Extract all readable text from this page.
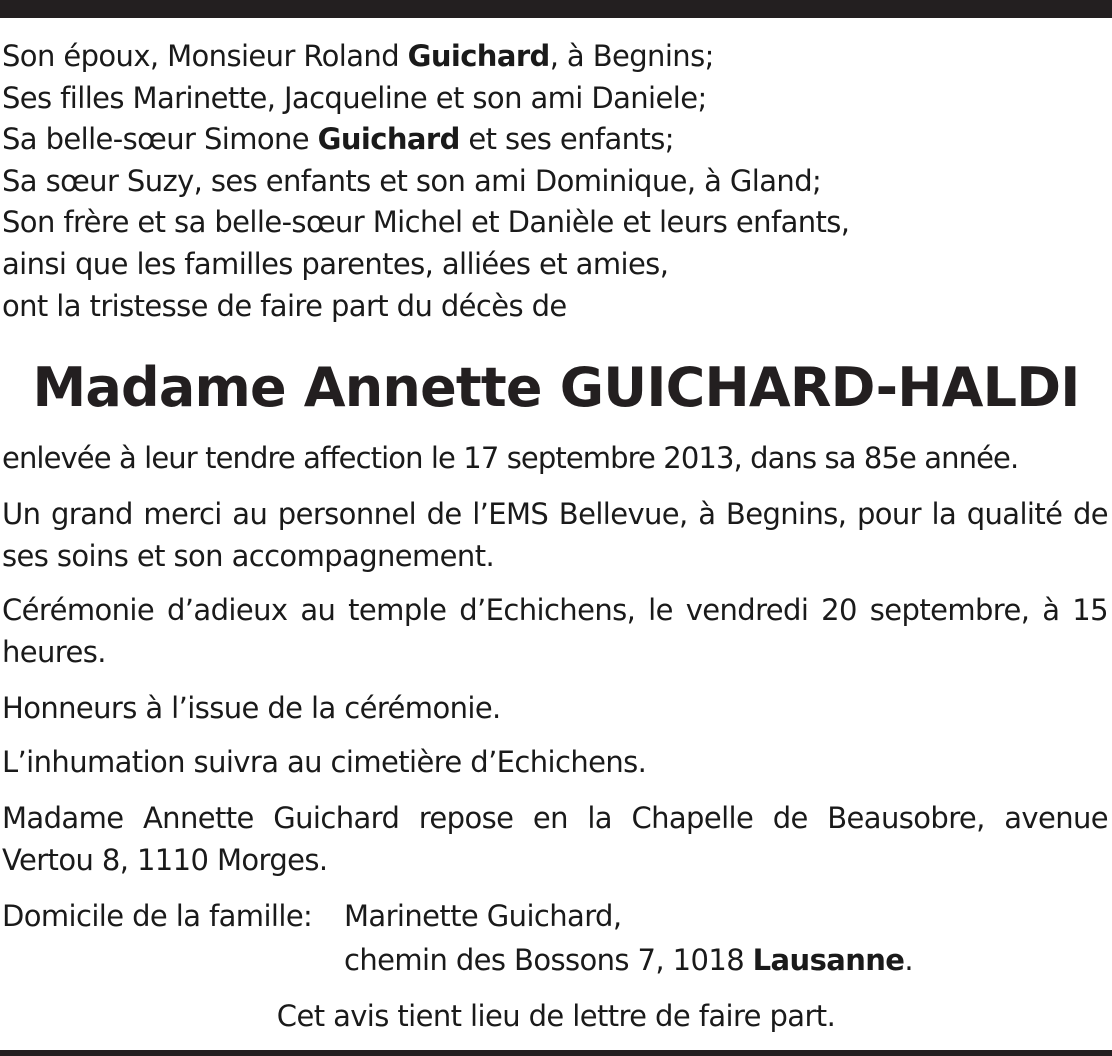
Son époux, Monsieur Roland Guichard, à Begnins;
Ses filles Marinette, Jacqueline et son ami Daniele;
Sa belle-sœur Simone Guichard et ses enfants;
Sa sœur Suzy, ses enfants et son ami Dominique, à Gland;
Son frère et sa belle-sœur Michel et Danièle et leurs enfants,
ainsi que les familles parentes, alliées et amies,
ont la tristesse de faire part du décès de
Madame Annette GUICHARD-HALDI
enlevée à leur tendre affection le 17 septembre 2013, dans sa 85e année.
Un grand merci au personnel de l’EMS Bellevue, à Begnins, pour la qualité de ses soins et son accompagnement.
Cérémonie d’adieux au temple d’Echichens, le vendredi 20 septembre, à 15 heures.
Honneurs à l’issue de la cérémonie.
L’inhumation suivra au cimetière d’Echichens.
Madame Annette Guichard repose en la Chapelle de Beausobre, avenue Vertou 8, 1110 Morges.
Domicile de la famille: Marinette Guichard,
chemin des Bossons 7, 1018 Lausanne.
Cet avis tient lieu de lettre de faire part.
